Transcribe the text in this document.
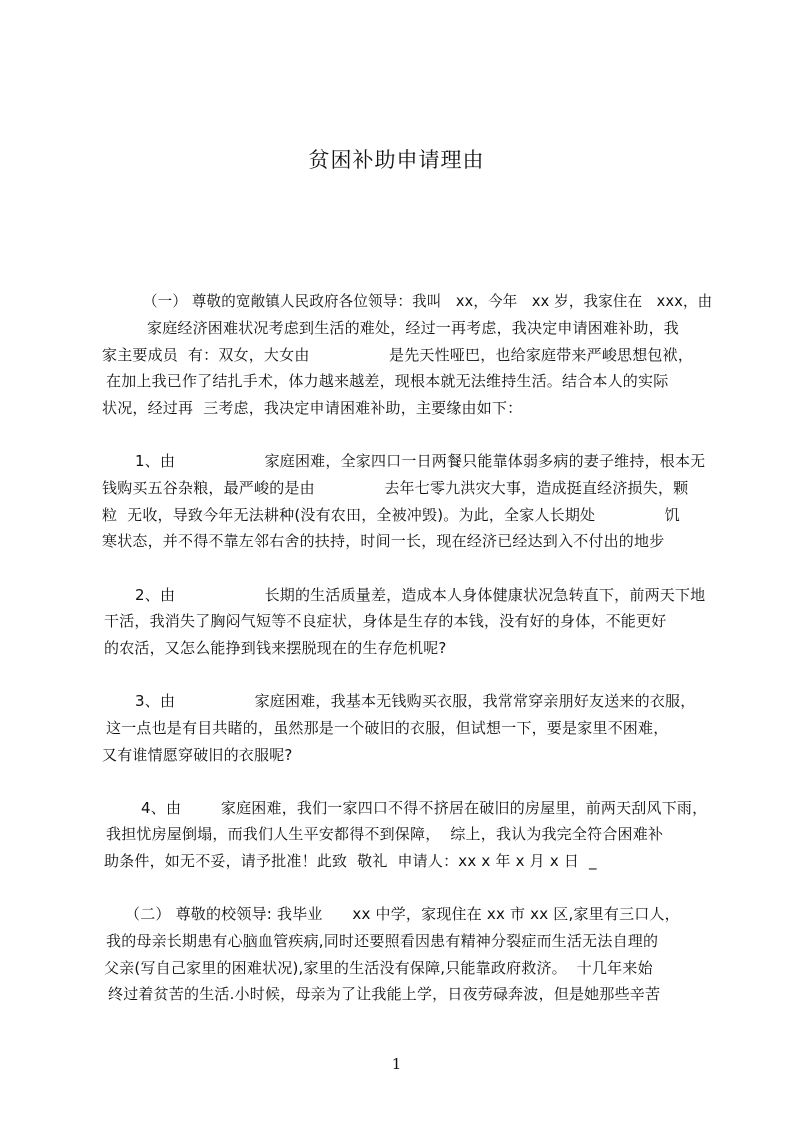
贫困补助申请理由
（一） 尊敬的宽敞镇人民政府各位领导：我叫   xx，今年   xx 岁，我家住在   xxx，由
家庭经济困难状况考虑到生活的难处，经过一再考虑，我决定申请困难补助，我
家主要成员  有：双女，大女由                是先天性哑巴，也给家庭带来严峻思想包袱，
在加上我已作了结扎手术，体力越来越差，现根本就无法维持生活。结合本人的实际
状况，经过再  三考虑，我决定申请困难补助，主要缘由如下：
1、由                  家庭困难，全家四口一日两餐只能靠体弱多病的妻子维持，根本无
钱购买五谷杂粮，最严峻的是由              去年七零九洪灾大事，造成挺直经济损失，颗
粒  无收，导致今年无法耕种(没有农田，全被冲毁)。为此，全家人长期处              饥
寒状态，并不得不靠左邻右舍的扶持，时间一长，现在经济已经达到入不付出的地步
2、由                  长期的生活质量差，造成本人身体健康状况急转直下，前两天下地
干活，我消失了胸闷气短等不良症状，身体是生存的本钱，没有好的身体，不能更好
的农活，又怎么能挣到钱来摆脱现在的生存危机呢?
3、由                家庭困难，我基本无钱购买衣服，我常常穿亲朋好友送来的衣服，
这一点也是有目共睹的，虽然那是一个破旧的衣服，但试想一下，要是家里不困难，
又有谁情愿穿破旧的衣服呢?
4、由        家庭困难，我们一家四口不得不挤居在破旧的房屋里，前两天刮风下雨，
我担忧房屋倒塌，而我们人生平安都得不到保障，  综上，我认为我完全符合困难补
助条件，如无不妥，请予批准！此致  敬礼  申请人：xx x 年 x 月 x 日  _
（二） 尊敬的校领导: 我毕业      xx 中学，家现住在 xx 市 xx 区,家里有三口人，
我的母亲长期患有心脑血管疾病,同时还要照看因患有精神分裂症而生活无法自理的
父亲(写自己家里的困难状况),家里的生活没有保障,只能靠政府救济。  十几年来始
终过着贫苦的生活.小时候，母亲为了让我能上学，日夜劳碌奔波，但是她那些辛苦
1
